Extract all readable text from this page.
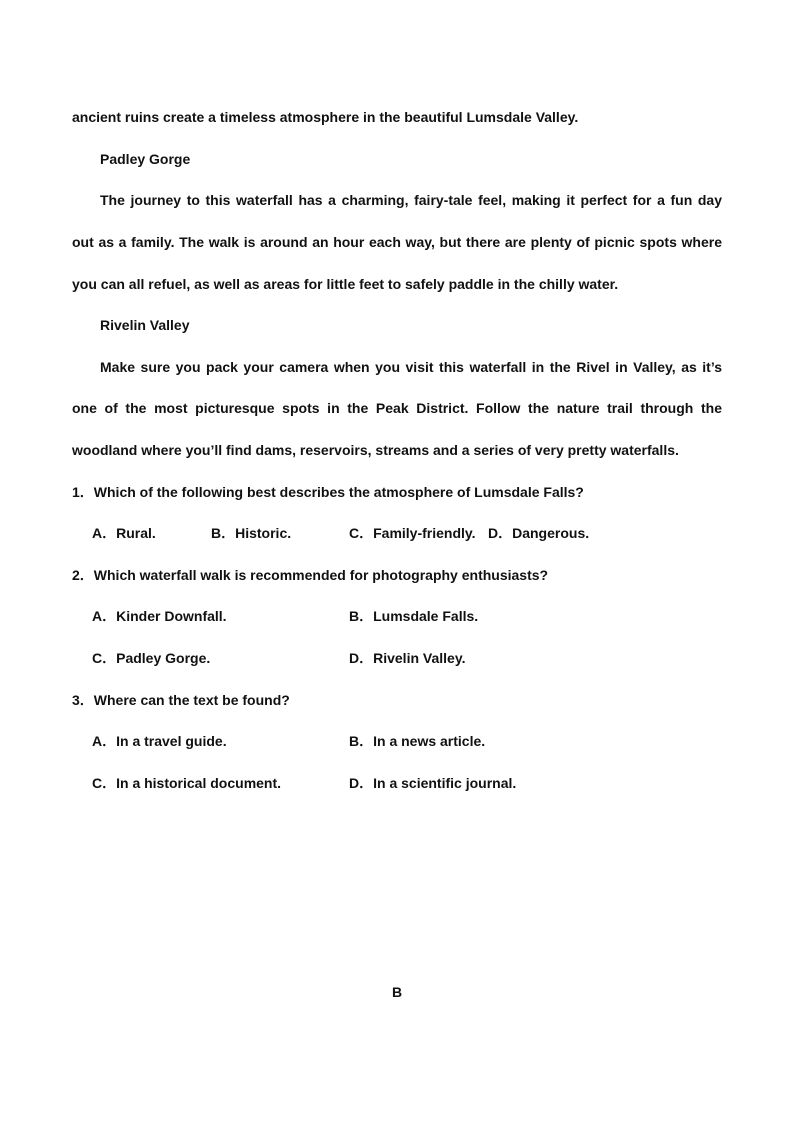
ancient ruins create a timeless atmosphere in the beautiful Lumsdale Valley.
Padley Gorge
The journey to this waterfall has a charming, fairy-tale feel, making it perfect for a fun day
out as a family. The walk is around an hour each way, but there are plenty of picnic spots where
you can all refuel, as well as areas for little feet to safely paddle in the chilly water.
Rivelin Valley
Make sure you pack your camera when you visit this waterfall in the Rivel in Valley, as it’s
one of the most picturesque spots in the Peak District. Follow the nature trail through the
woodland where you’ll find dams, reservoirs, streams and a series of very pretty waterfalls.
1．Which of the following best describes the atmosphere of Lumsdale Falls?
A．Rural.	B．Historic.	C．Family-friendly. D．Dangerous.
2．Which waterfall walk is recommended for photography enthusiasts?
A．Kinder Downfall.	B．Lumsdale Falls.
C．Padley Gorge.	D．Rivelin Valley.
3．Where can the text be found?
A．In a travel guide.	B．In a news article.
C．In a historical document.	D．In a scientific journal.
B
